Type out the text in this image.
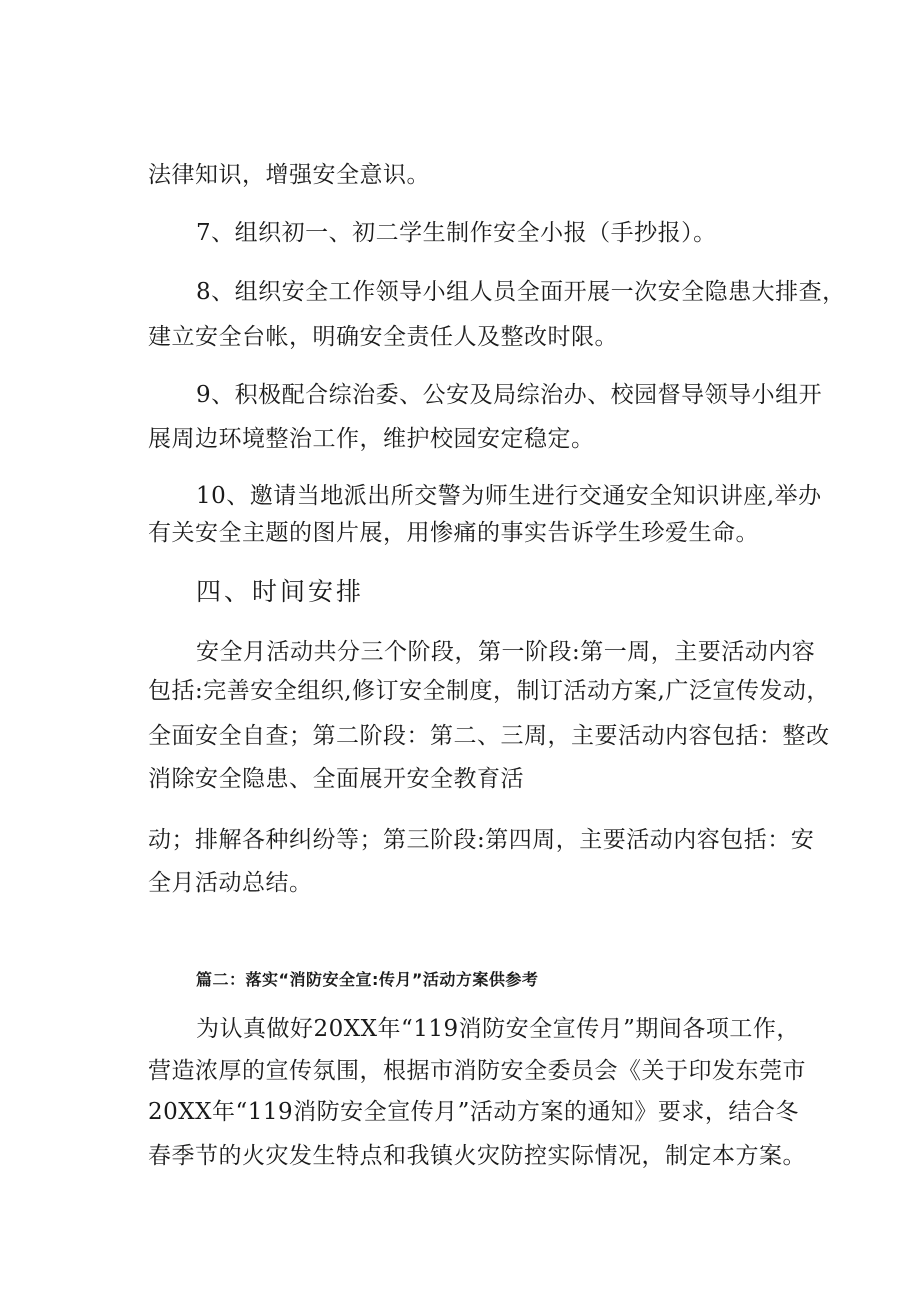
法律知识，增强安全意识。
7、组织初一、初二学生制作安全小报（手抄报）。
8、组织安全工作领导小组人员全面开展一次安全隐患大排查，
建立安全台帐，明确安全责任人及整改时限。
9、积极配合综治委、公安及局综治办、校园督导领导小组开
展周边环境整治工作，维护校园安定稳定。
10、邀请当地派出所交警为师生进行交通安全知识讲座,举办
有关安全主题的图片展，用惨痛的事实告诉学生珍爱生命。
四、时间安排
安全月活动共分三个阶段，第一阶段:第一周，主要活动内容
包括:完善安全组织,修订安全制度，制订活动方案,广泛宣传发动，
全面安全自查；第二阶段：第二、三周，主要活动内容包括：整改
消除安全隐患、全面展开安全教育活
动；排解各种纠纷等；第三阶段:第四周，主要活动内容包括：安
全月活动总结。
篇二：落实“消防安全宣:传月”活动方案供参考
为认真做好20XX年“119消防安全宣传月”期间各项工作，
营造浓厚的宣传氛围，根据市消防安全委员会《关于印发东莞市
20XX年“119消防安全宣传月”活动方案的通知》要求，结合冬
春季节的火灾发生特点和我镇火灾防控实际情况，制定本方案。
